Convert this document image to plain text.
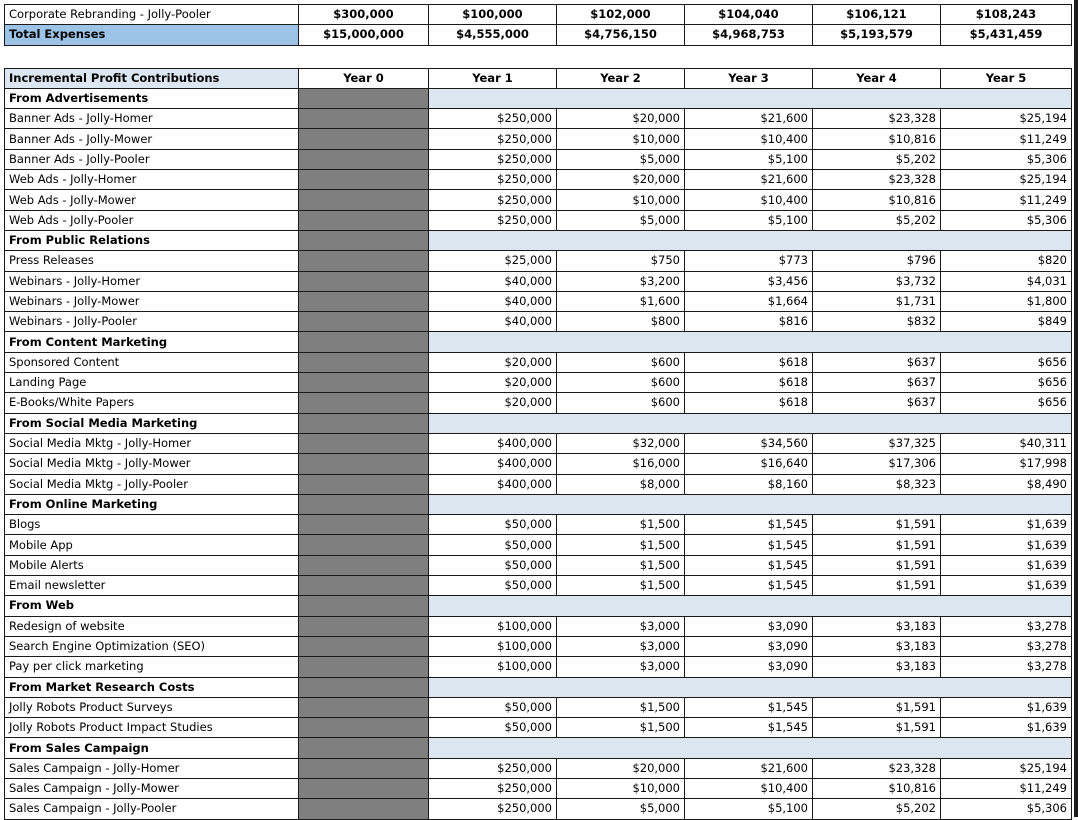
Corporate Rebranding - Jolly-Pooler	$300,000	$100,000	$102,000	$104,040	$106,121	$108,243
Total Expenses	$15,000,000	$4,555,000	$4,756,150	$4,968,753	$5,193,579	$5,431,459

Incremental Profit Contributions	Year 0	Year 1	Year 2	Year 3	Year 4	Year 5
From Advertisements						
Banner Ads - Jolly-Homer		$250,000	$20,000	$21,600	$23,328	$25,194
Banner Ads - Jolly-Mower		$250,000	$10,000	$10,400	$10,816	$11,249
Banner Ads - Jolly-Pooler		$250,000	$5,000	$5,100	$5,202	$5,306
Web Ads - Jolly-Homer		$250,000	$20,000	$21,600	$23,328	$25,194
Web Ads - Jolly-Mower		$250,000	$10,000	$10,400	$10,816	$11,249
Web Ads - Jolly-Pooler		$250,000	$5,000	$5,100	$5,202	$5,306
From Public Relations						
Press Releases		$25,000	$750	$773	$796	$820
Webinars - Jolly-Homer		$40,000	$3,200	$3,456	$3,732	$4,031
Webinars - Jolly-Mower		$40,000	$1,600	$1,664	$1,731	$1,800
Webinars - Jolly-Pooler		$40,000	$800	$816	$832	$849
From Content Marketing						
Sponsored Content		$20,000	$600	$618	$637	$656
Landing Page		$20,000	$600	$618	$637	$656
E-Books/White Papers		$20,000	$600	$618	$637	$656
From Social Media Marketing						
Social Media Mktg - Jolly-Homer		$400,000	$32,000	$34,560	$37,325	$40,311
Social Media Mktg - Jolly-Mower		$400,000	$16,000	$16,640	$17,306	$17,998
Social Media Mktg - Jolly-Pooler		$400,000	$8,000	$8,160	$8,323	$8,490
From Online Marketing						
Blogs		$50,000	$1,500	$1,545	$1,591	$1,639
Mobile App		$50,000	$1,500	$1,545	$1,591	$1,639
Mobile Alerts		$50,000	$1,500	$1,545	$1,591	$1,639
Email newsletter		$50,000	$1,500	$1,545	$1,591	$1,639
From Web						
Redesign of website		$100,000	$3,000	$3,090	$3,183	$3,278
Search Engine Optimization (SEO)		$100,000	$3,000	$3,090	$3,183	$3,278
Pay per click marketing		$100,000	$3,000	$3,090	$3,183	$3,278
From Market Research Costs						
Jolly Robots Product Surveys		$50,000	$1,500	$1,545	$1,591	$1,639
Jolly Robots Product Impact Studies		$50,000	$1,500	$1,545	$1,591	$1,639
From Sales Campaign						
Sales Campaign - Jolly-Homer		$250,000	$20,000	$21,600	$23,328	$25,194
Sales Campaign - Jolly-Mower		$250,000	$10,000	$10,400	$10,816	$11,249
Sales Campaign - Jolly-Pooler		$250,000	$5,000	$5,100	$5,202	$5,306
